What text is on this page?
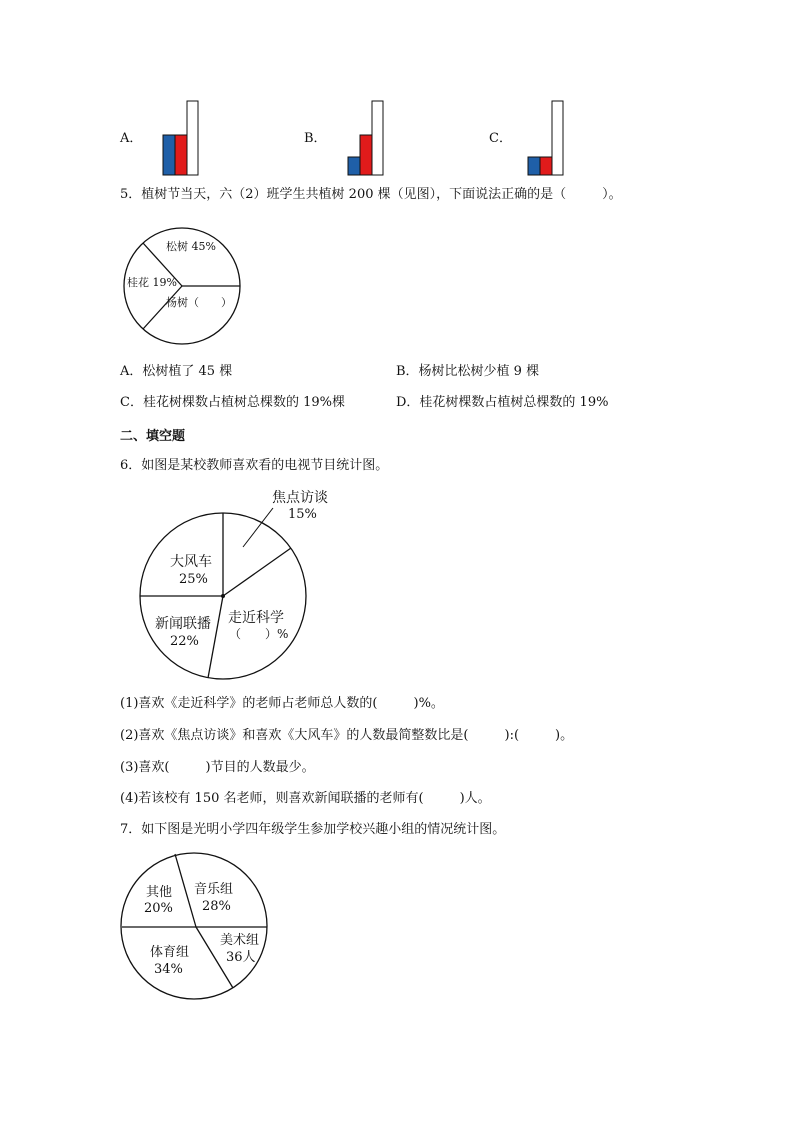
A．	B．	C．
5．植树节当天，六（2）班学生共植树 200 棵（见图），下面说法正确的是（	）。
松树 45%
桂花 19%
杨树（　　）
A．松树植了 45 棵	B．杨树比松树少植 9 棵
C．桂花树棵数占植树总棵数的 19%棵	D．桂花树棵数占植树总棵数的 19%
二、填空题
6．如图是某校教师喜欢看的电视节目统计图。
焦点访谈
15%
大风车
25%
走近科学
（　　）%
新闻联播
22%
(1)喜欢《走近科学》的老师占老师总人数的(	)%。
(2)喜欢《焦点访谈》和喜欢《大风车》的人数最简整数比是(	):(	)。
(3)喜欢(	)节目的人数最少。
(4)若该校有 150 名老师，则喜欢新闻联播的老师有(	)人。
7．如下图是光明小学四年级学生参加学校兴趣小组的情况统计图。
其他
20%
音乐组
28%
体育组
34%
美术组
36人
